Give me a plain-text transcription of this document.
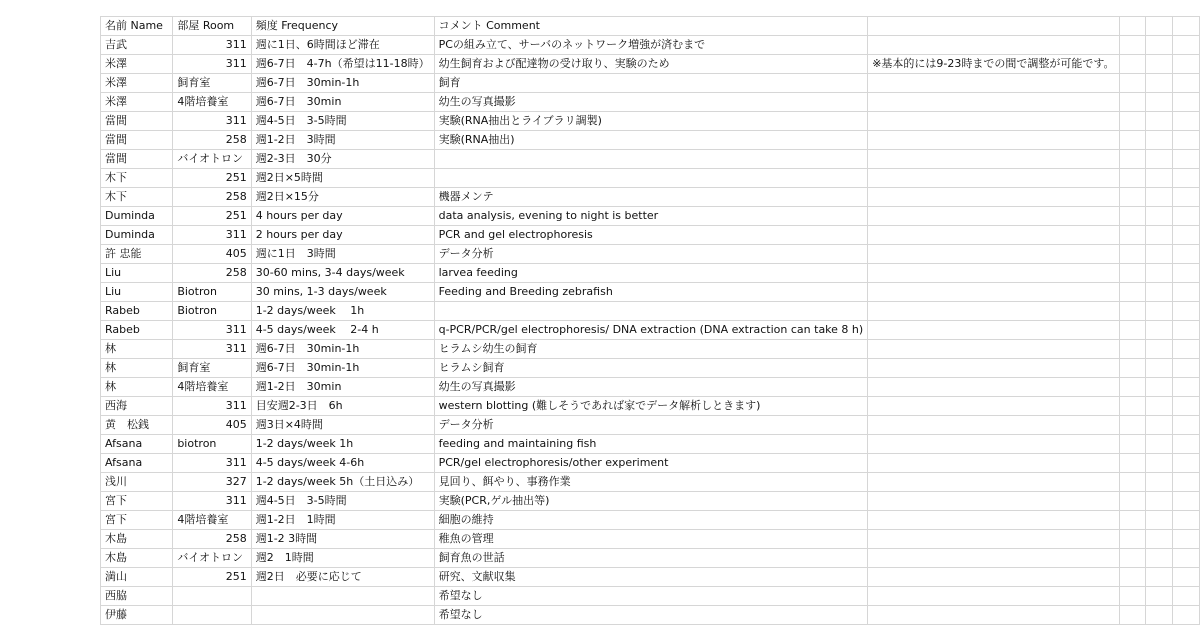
名前 Name	部屋 Room	頻度 Frequency	コメント Comment				
吉武	311	週に1日、6時間ほど滞在	PCの組み立て、サーバのネットワーク増強が済むまで				
米澤	311	週6-7日　4-7h（希望は11-18時）	幼生飼育および配達物の受け取り、実験のため	※基本的には9-23時までの間で調整が可能です。			
米澤	飼育室	週6-7日　30min-1h	飼育				
米澤	4階培養室	週6-7日　30min	幼生の写真撮影				
當間	311	週4-5日　3-5時間	実験(RNA抽出とライブラリ調製)				
當間	258	週1-2日　3時間	実験(RNA抽出)				
當間	バイオトロン	週2-3日　30分					
木下	251	週2日×5時間					
木下	258	週2日×15分	機器メンテ				
Duminda	251	4 hours per day	data analysis, evening to night is better				
Duminda	311	2 hours per day	PCR and gel electrophoresis				
許 忠能	405	週に1日　3時間	データ分析				
Liu	258	30-60 mins, 3-4 days/week	larvea feeding				
Liu	Biotron	30 mins, 1-3 days/week	Feeding and Breeding zebrafish				
Rabeb	Biotron	1-2 days/week　 1h					
Rabeb	311	4-5 days/week　 2-4 h	q-PCR/PCR/gel electrophoresis/ DNA extraction (DNA extraction can take 8 h)				
林	311	週6-7日　30min-1h	ヒラムシ幼生の飼育				
林	飼育室	週6-7日　30min-1h	ヒラムシ飼育				
林	4階培養室	週1-2日　30min	幼生の写真撮影				
西海	311	目安週2-3日　6h	western blotting (難しそうであれば家でデータ解析しときます)				
黄　松銭	405	週3日×4時間	データ分析				
Afsana	biotron	1-2 days/week 1h	feeding and maintaining fish				
Afsana	311	4-5 days/week 4-6h	PCR/gel electrophoresis/other experiment				
浅川	327	1-2 days/week 5h（土日込み）	見回り、餌やり、事務作業				
宮下	311	週4-5日　3-5時間	実験(PCR,ゲル抽出等)				
宮下	4階培養室	週1-2日　1時間	細胞の維持				
木島	258	週1-2 3時間	稚魚の管理				
木島	バイオトロン	週2　1時間	飼育魚の世話				
満山	251	週2日　必要に応じて	研究、文献収集				
西脇			希望なし				
伊藤			希望なし				
